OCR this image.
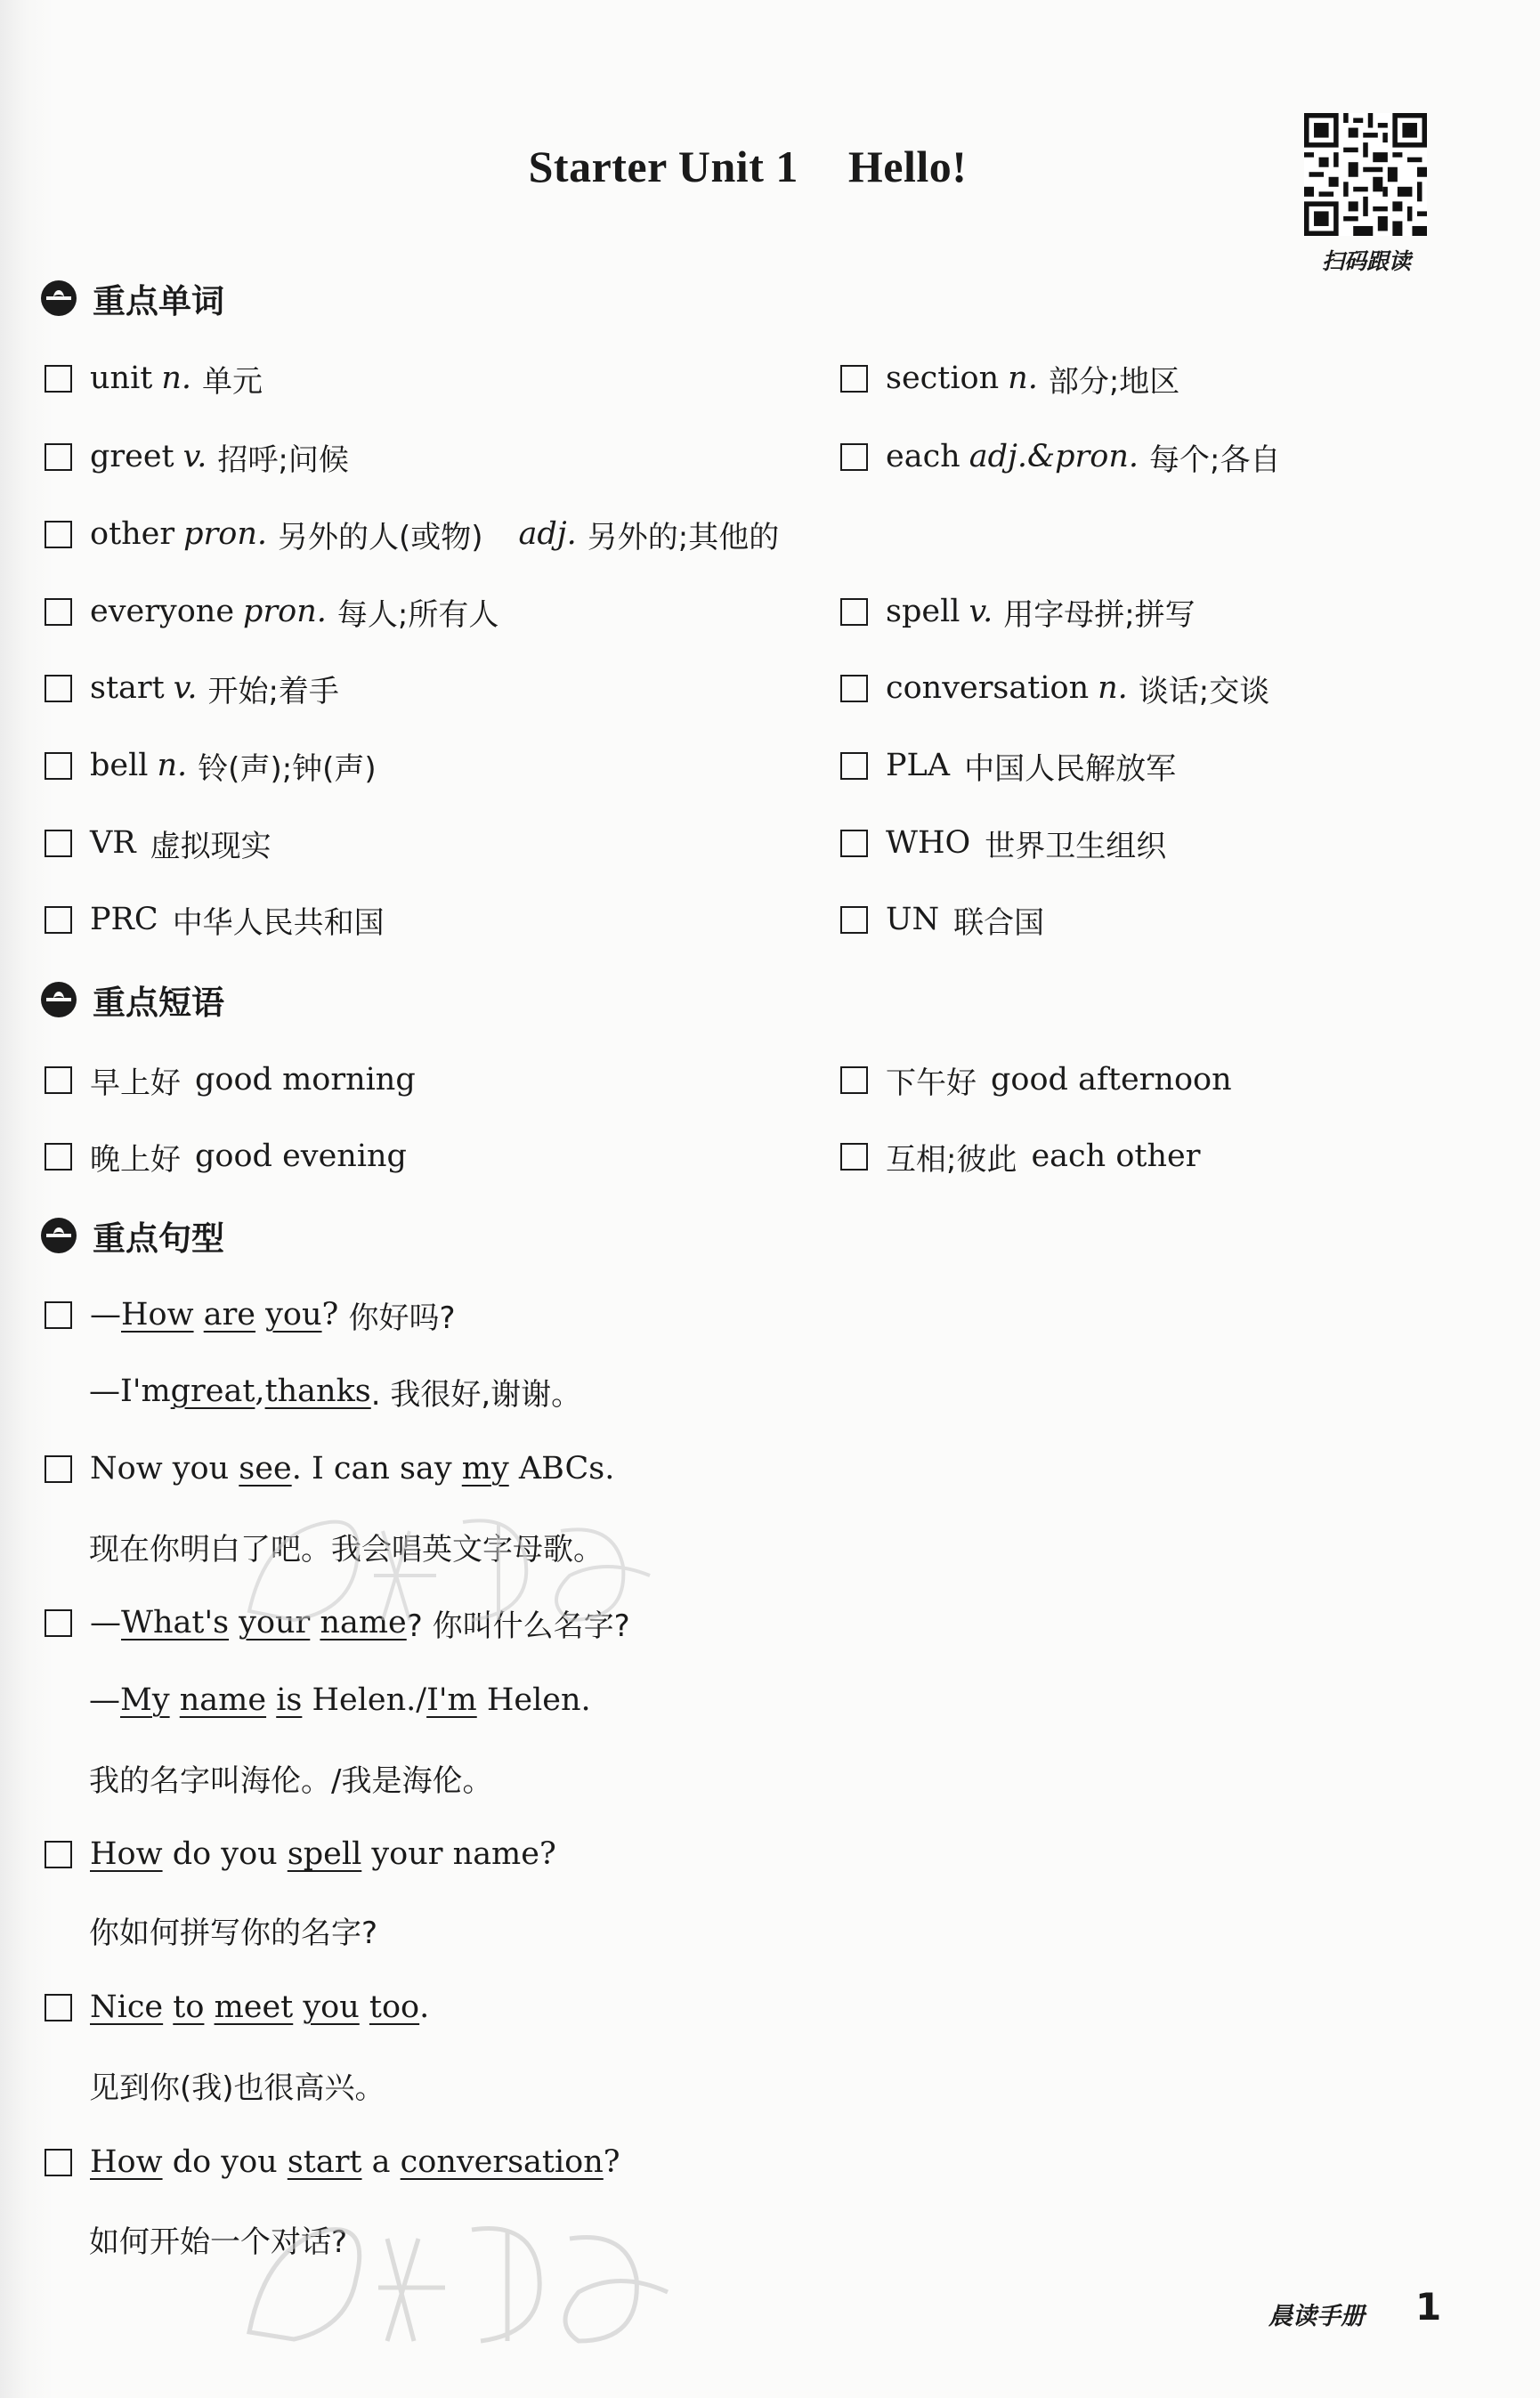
Starter Unit 1 Hello!
扫码跟读
重点单词
unit n. 单元	section n. 部分;地区
greet v. 招呼;问候	each adj.&pron. 每个;各自
other pron. 另外的人(或物) adj. 另外的;其他的
everyone pron. 每人;所有人	spell v. 用字母拼;拼写
start v. 开始;着手	conversation n. 谈话;交谈
bell n. 铃(声);钟(声)	PLA 中国人民解放军
VR 虚拟现实	WHO 世界卫生组织
PRC 中华人民共和国	UN 联合国
重点短语
早上好 good morning	下午好 good afternoon
晚上好 good evening	互相;彼此 each other
重点句型
— How
are
you ?
你好吗?
—I'm great , thanks . 我很好,谢谢。
Now you see . I can say my ABCs.
现在你明白了吧。我会唱英文字母歌。
— What's
your
name ? 你叫什么名字?
— My
name
is Helen./ I'm Helen.
我的名字叫海伦。/我是海伦。
How do you spell your name?
你如何拼写你的名字?
Nice
to
meet
you
too .
见到你(我)也很高兴。
How do you start a conversation ?
如何开始一个对话?
晨读手册 1
